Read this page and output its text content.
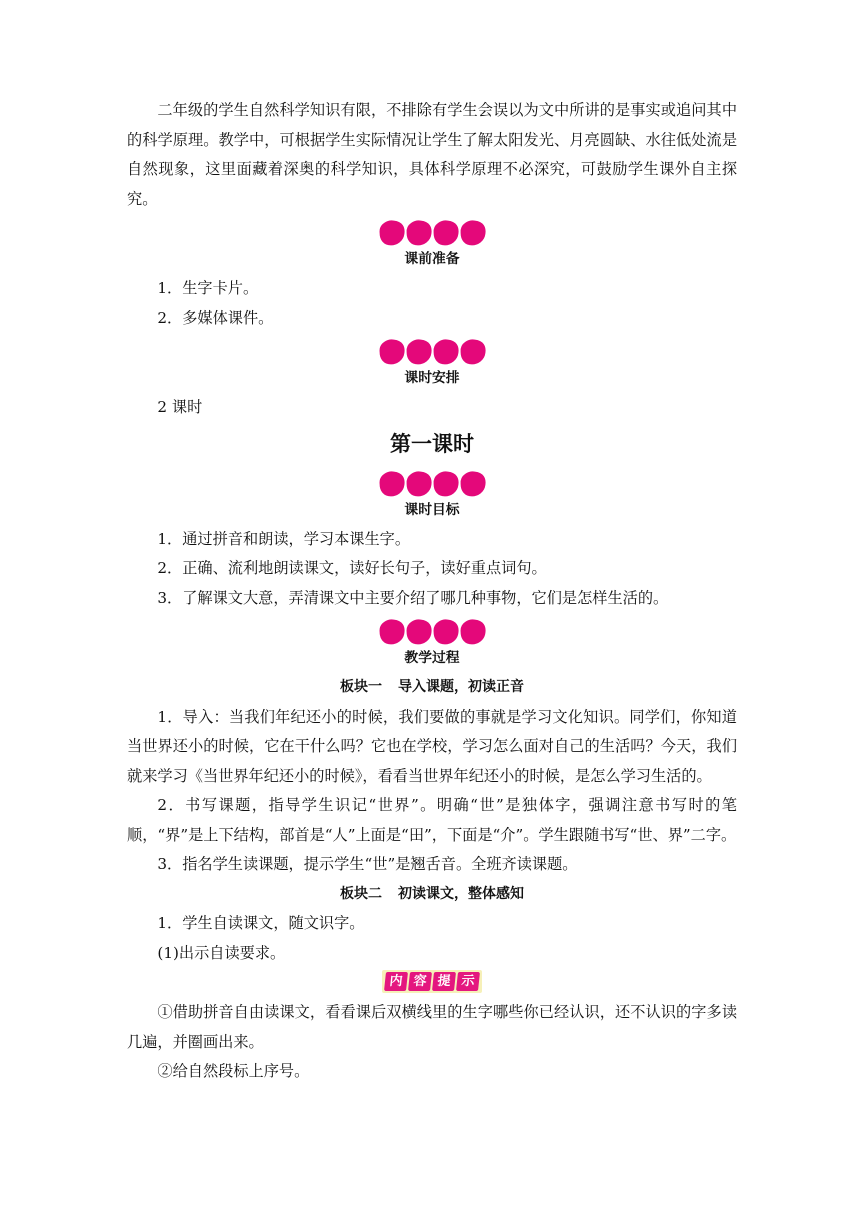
二年级的学生自然科学知识有限，不排除有学生会误以为文中所讲的是事实或追问其中的科学原理。教学中，可根据学生实际情况让学生了解太阳发光、月亮圆缺、水往低处流是自然现象，这里面藏着深奥的科学知识，具体科学原理不必深究，可鼓励学生课外自主探究。

课前准备

1．生字卡片。

2．多媒体课件。

课时安排

2 课时

第一课时
课时目标

1．通过拼音和朗读，学习本课生字。

2．正确、流利地朗读课文，读好长句子，读好重点词句。

3．了解课文大意，弄清课文中主要介绍了哪几种事物，它们是怎样生活的。

教学过程
板块一 导入课题，初读正音

1．导入：当我们年纪还小的时候，我们要做的事就是学习文化知识。同学们，你知道当世界还小的时候，它在干什么吗？它也在学校，学习怎么面对自己的生活吗？今天，我们就来学习《当世界年纪还小的时候》，看看当世界年纪还小的时候，是怎么学习生活的。

2．书写课题，指导学生识记“世界”。明确“世”是独体字，强调注意书写时的笔顺，“界”是上下结构，部首是“人”上面是“田”，下面是“介”。学生跟随书写“世、界”二字。

3．指名学生读课题，提示学生“世”是翘舌音。全班齐读课题。

板块二 初读课文，整体感知

1．学生自读课文，随文识字。

(1)出示自读要求。

内 容 提 示

①借助拼音自由读课文，看看课后双横线里的生字哪些你已经认识，还不认识的字多读几遍，并圈画出来。

②给自然段标上序号。
